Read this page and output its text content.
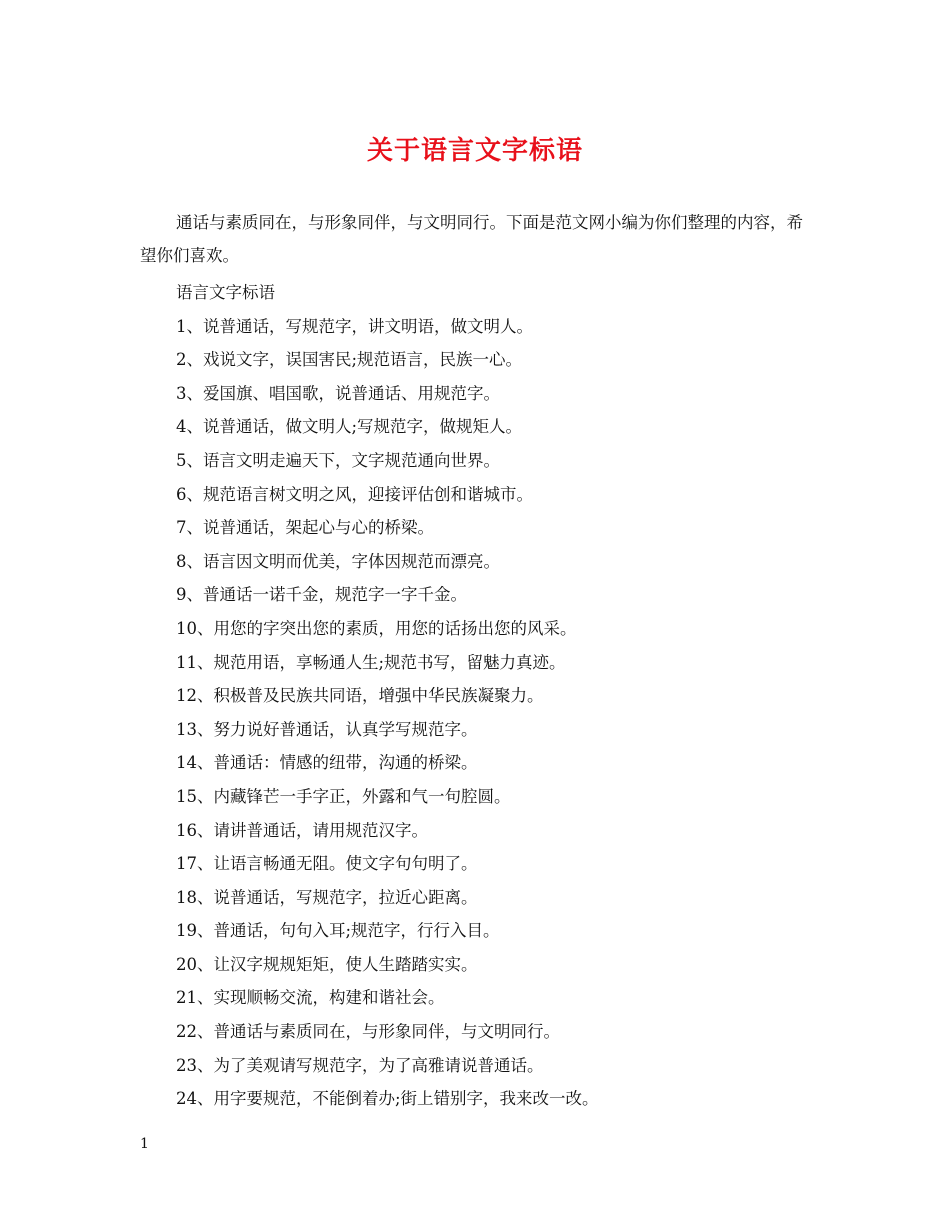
关于语言文字标语

通话与素质同在，与形象同伴，与文明同行。下面是范文网小编为你们整理的内容，希望你们喜欢。

语言文字标语
1、说普通话，写规范字，讲文明语，做文明人。
2、戏说文字，误国害民;规范语言，民族一心。
3、爱国旗、唱国歌，说普通话、用规范字。
4、说普通话，做文明人;写规范字，做规矩人。
5、语言文明走遍天下，文字规范通向世界。
6、规范语言树文明之风，迎接评估创和谐城市。
7、说普通话，架起心与心的桥梁。
8、语言因文明而优美，字体因规范而漂亮。
9、普通话一诺千金，规范字一字千金。
10、用您的字突出您的素质，用您的话扬出您的风采。
11、规范用语，享畅通人生;规范书写，留魅力真迹。
12、积极普及民族共同语，增强中华民族凝聚力。
13、努力说好普通话，认真学写规范字。
14、普通话：情感的纽带，沟通的桥梁。
15、内藏锋芒一手字正，外露和气一句腔圆。
16、请讲普通话，请用规范汉字。
17、让语言畅通无阻。使文字句句明了。
18、说普通话，写规范字，拉近心距离。
19、普通话，句句入耳;规范字，行行入目。
20、让汉字规规矩矩，使人生踏踏实实。
21、实现顺畅交流，构建和谐社会。
22、普通话与素质同在，与形象同伴，与文明同行。
23、为了美观请写规范字，为了高雅请说普通话。
24、用字要规范，不能倒着办;街上错别字，我来改一改。
1
